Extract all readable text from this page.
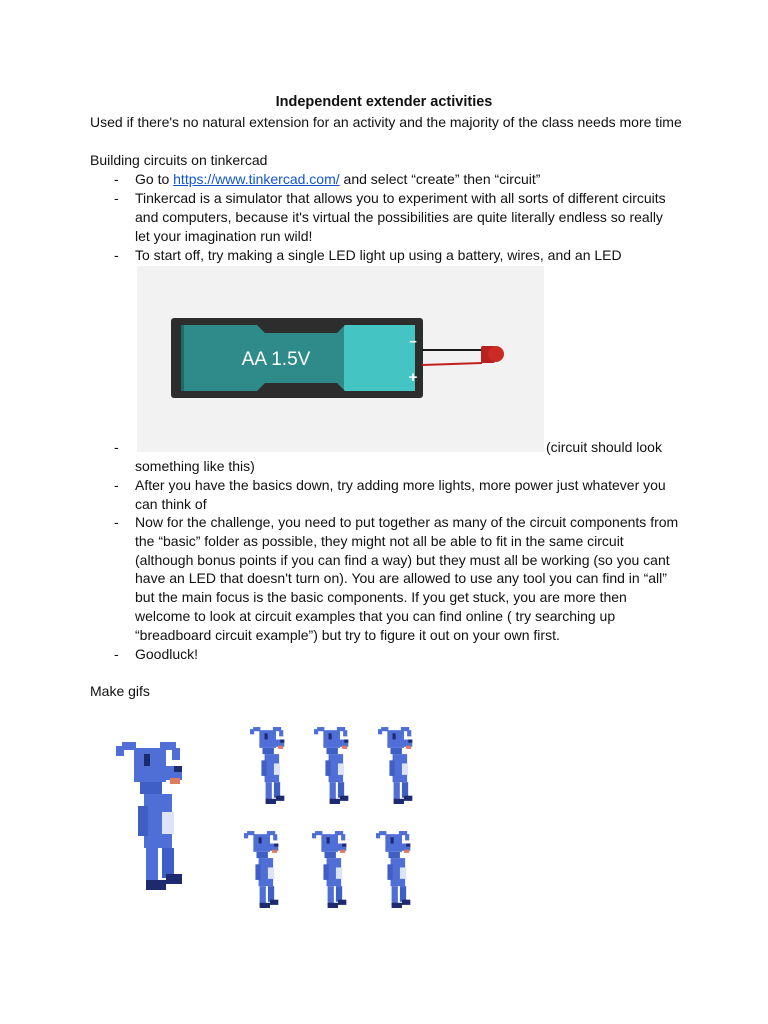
Independent extender activities
Used if there's no natural extension for an activity and the majority of the class needs more time
Building circuits on tinkercad
-	Go to https://www.tinkercad.com/ and select “create” then “circuit”
-	Tinkercad is a simulator that allows you to experiment with all sorts of different circuits and computers, because it's virtual the possibilities are quite literally endless so really let your imagination run wild!
-	To start off, try making a single LED light up using a battery, wires, and an LED
AA 1.5V
−
+
-	(circuit should look
something like this)
-	After you have the basics down, try adding more lights, more power just whatever you can think of
-	Now for the challenge, you need to put together as many of the circuit components from the “basic” folder as possible, they might not all be able to fit in the same circuit (although bonus points if you can find a way) but they must all be working (so you cant have an LED that doesn't turn on). You are allowed to use any tool you can find in “all” but the main focus is the basic components. If you get stuck, you are more then welcome to look at circuit examples that you can find online ( try searching up “breadboard circuit example”) but try to figure it out on your own first.
-	Goodluck!
Make gifs
